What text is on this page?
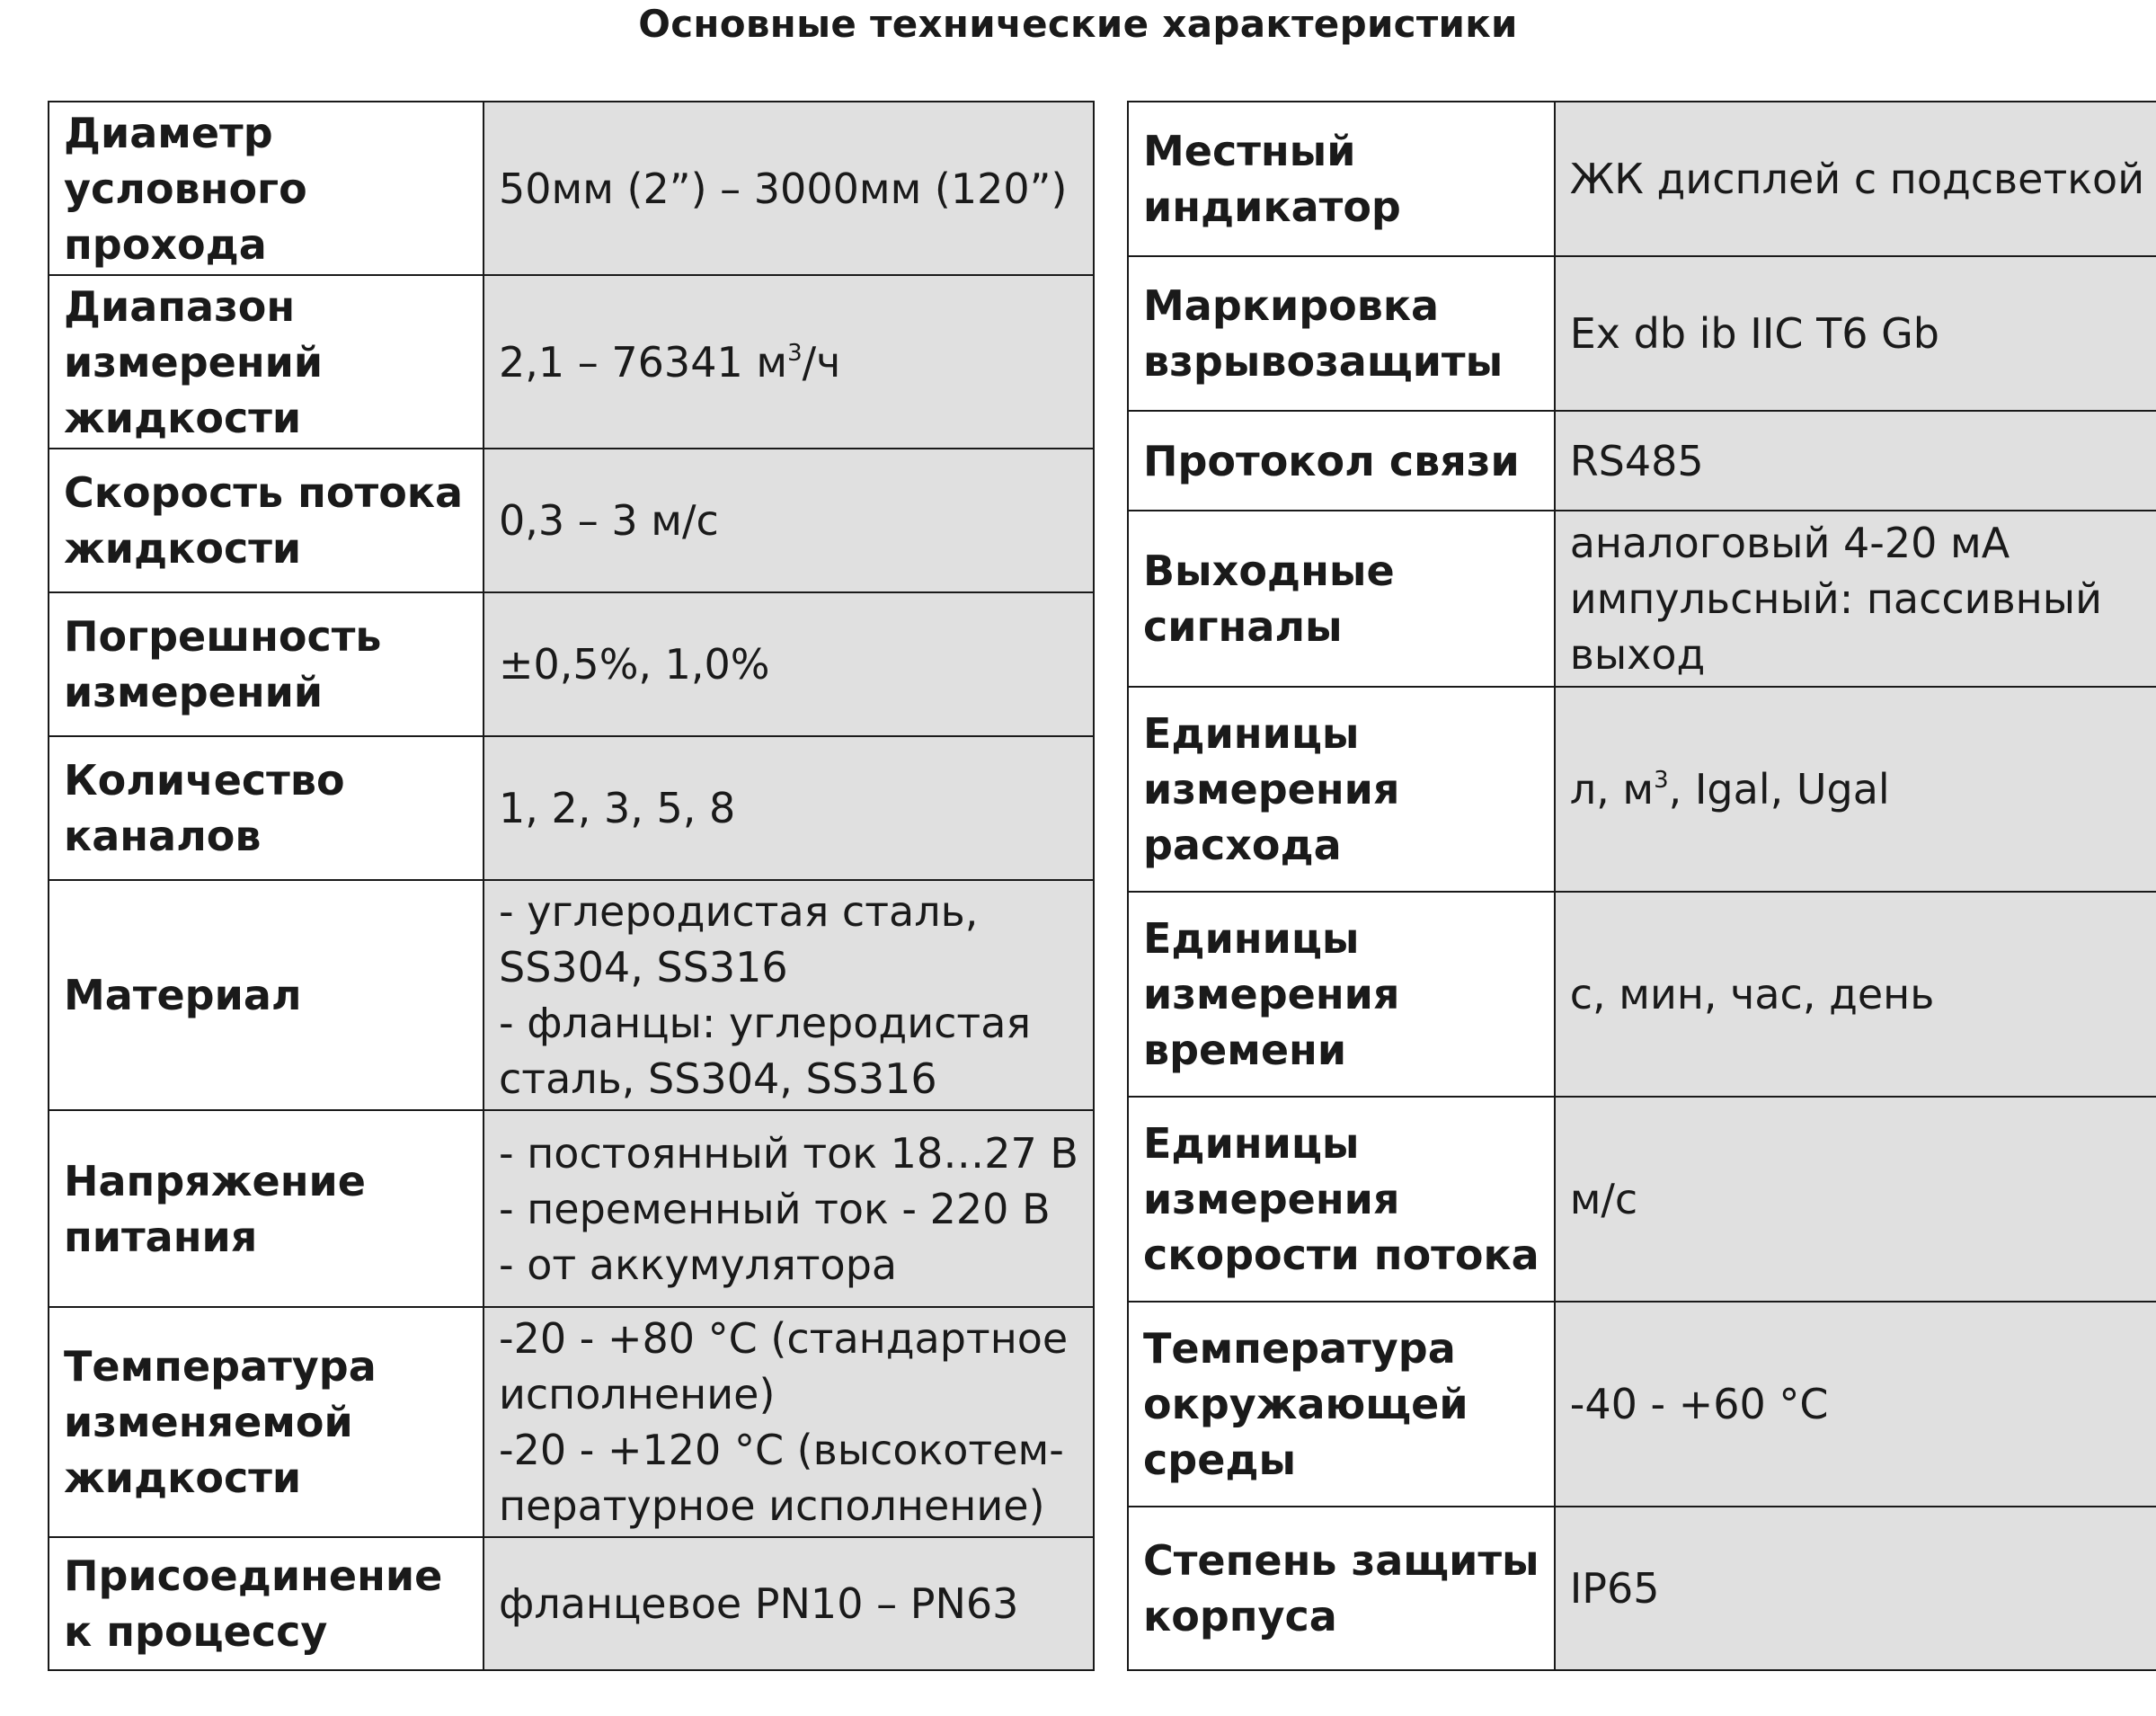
Основные технические характеристики
Диаметр
условного
прохода	50мм (2”) – 3000мм (120”)

Диапазон
измерений
жидкости	2,1 – 76341 $м^3/ч$

Скорость потока
жидкости	0,3 – 3 м/с

Погрешность
измерений	±0,5%, 1,0%

Количество
каналов	1, 2, 3, 5, 8

Материал	- углеродистая сталь,
SS304, SS316
- фланцы: углеродистая
сталь, SS304, SS316

Напряжение
питания	- постоянный ток 18…27 В
- переменный ток - 220 В
- от аккумулятора

Температура
изменяемой
жидкости	-20 - +80 °C (стандартное
исполнение)
-20 - +120 °C (высокотем-
пературное исполнение)

Присоединение
к процессу	фланцевое PN10 – PN63
Местный
индикатор	ЖК дисплей с подсветкой

Маркировка
взрывозащиты	Ex db ib IIC T6 Gb

Протокол связи	RS485

Выходные
сигналы	аналоговый 4-20 мА
импульсный: пассивный
выход

Единицы
измерения
расхода	л, $м^3$, Igal, Ugal

Единицы
измерения
времени	с, мин, час, день

Единицы
измерения
скорости потока	м/с

Температура
окружающей
среды	-40 - +60 °C

Степень защиты
корпуса	IP65
